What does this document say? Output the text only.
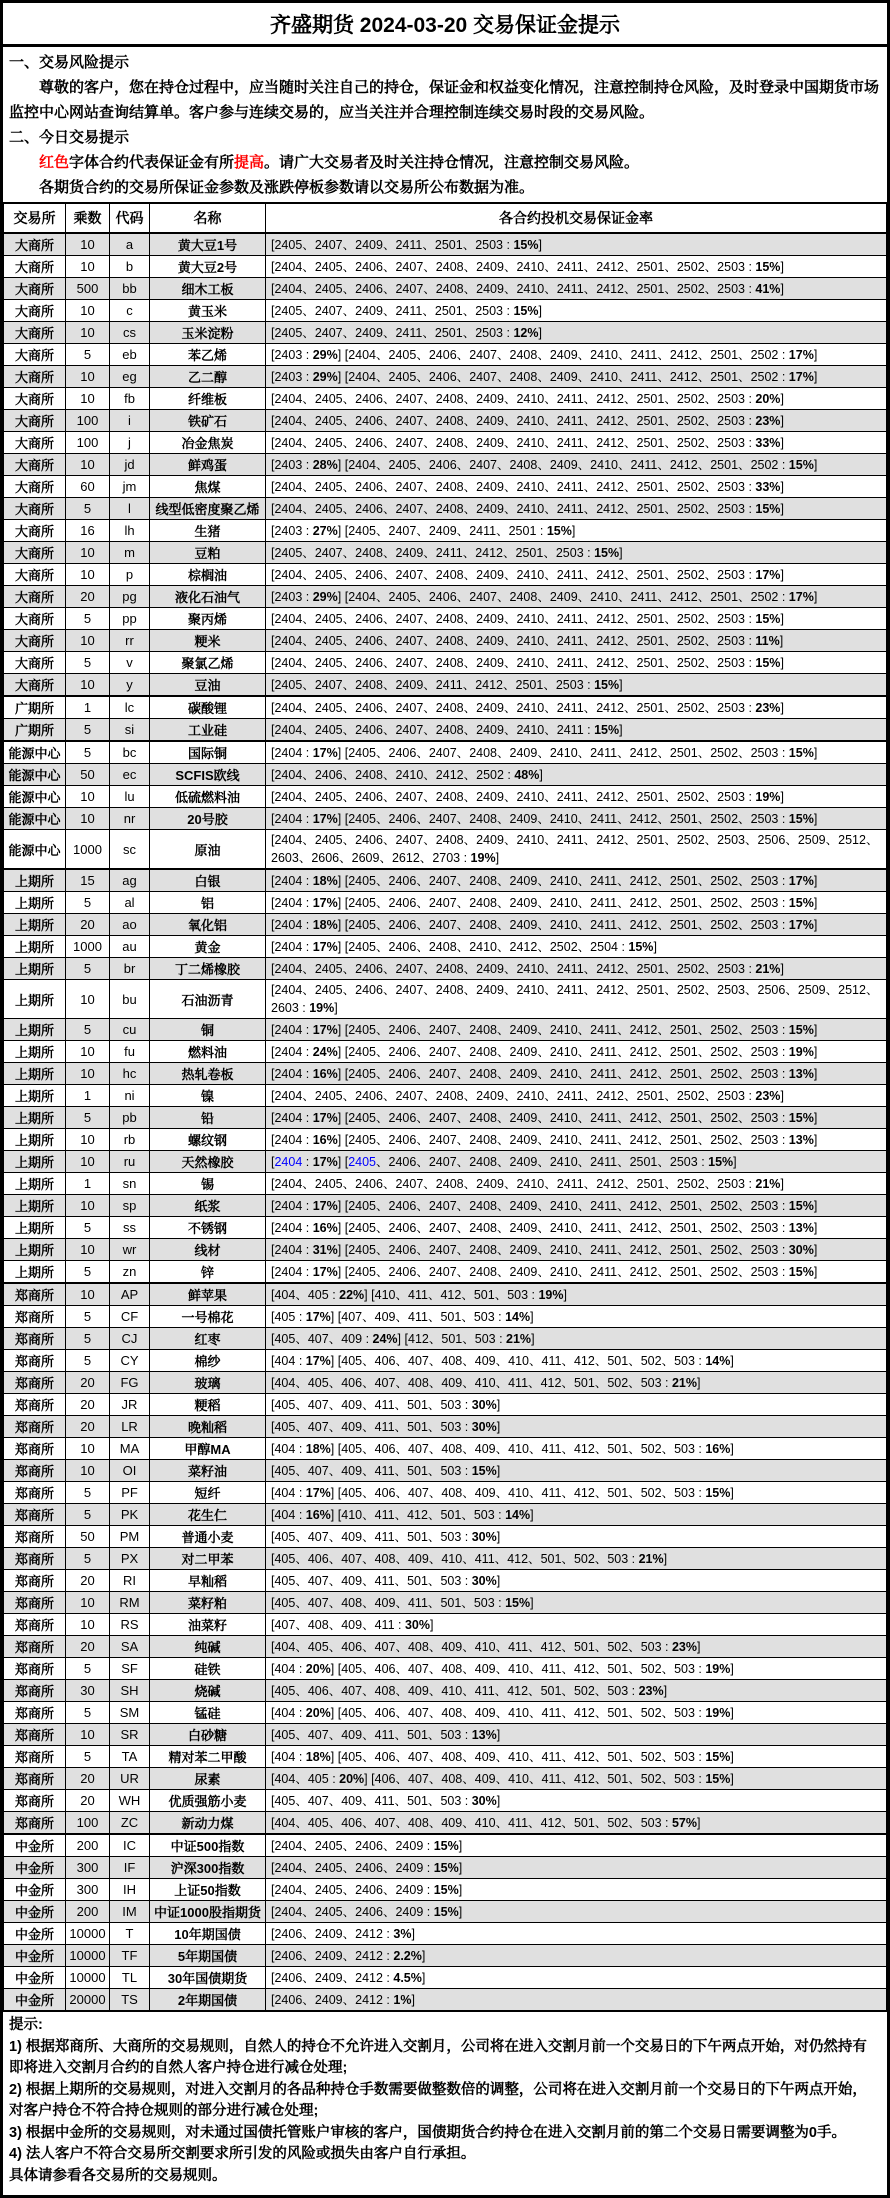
齐盛期货 2024-03-20 交易保证金提示

一、交易风险提示

尊敬的客户，您在持仓过程中，应当随时关注自己的持仓，保证金和权益变化情况，注意控制持仓风险，及时登录中国期货市场监控中心网站查询结算单。客户参与连续交易的，应当关注并合理控制连续交易时段的交易风险。

二、今日交易提示

红色字体合约代表保证金有所提高。请广大交易者及时关注持仓情况，注意控制交易风险。

各期货合约的交易所保证金参数及涨跌停板参数请以交易所公布数据为准。

交易所	乘数	代码	名称	各合约投机交易保证金率
大商所	10	a	黄大豆1号	[2405、2407、2409、2411、2501、2503 : 15%]
大商所	10	b	黄大豆2号	[2404、2405、2406、2407、2408、2409、2410、2411、2412、2501、2502、2503 : 15%]
大商所	500	bb	细木工板	[2404、2405、2406、2407、2408、2409、2410、2411、2412、2501、2502、2503 : 41%]
大商所	10	c	黄玉米	[2405、2407、2409、2411、2501、2503 : 15%]
大商所	10	cs	玉米淀粉	[2405、2407、2409、2411、2501、2503 : 12%]
大商所	5	eb	苯乙烯	[2403 : 29%] [2404、2405、2406、2407、2408、2409、2410、2411、2412、2501、2502 : 17%]
大商所	10	eg	乙二醇	[2403 : 29%] [2404、2405、2406、2407、2408、2409、2410、2411、2412、2501、2502 : 17%]
大商所	10	fb	纤维板	[2404、2405、2406、2407、2408、2409、2410、2411、2412、2501、2502、2503 : 20%]
大商所	100	i	铁矿石	[2404、2405、2406、2407、2408、2409、2410、2411、2412、2501、2502、2503 : 23%]
大商所	100	j	冶金焦炭	[2404、2405、2406、2407、2408、2409、2410、2411、2412、2501、2502、2503 : 33%]
大商所	10	jd	鲜鸡蛋	[2403 : 28%] [2404、2405、2406、2407、2408、2409、2410、2411、2412、2501、2502 : 15%]
大商所	60	jm	焦煤	[2404、2405、2406、2407、2408、2409、2410、2411、2412、2501、2502、2503 : 33%]
大商所	5	l	线型低密度聚乙烯	[2404、2405、2406、2407、2408、2409、2410、2411、2412、2501、2502、2503 : 15%]
大商所	16	lh	生猪	[2403 : 27%] [2405、2407、2409、2411、2501 : 15%]
大商所	10	m	豆粕	[2405、2407、2408、2409、2411、2412、2501、2503 : 15%]
大商所	10	p	棕榈油	[2404、2405、2406、2407、2408、2409、2410、2411、2412、2501、2502、2503 : 17%]
大商所	20	pg	液化石油气	[2403 : 29%] [2404、2405、2406、2407、2408、2409、2410、2411、2412、2501、2502 : 17%]
大商所	5	pp	聚丙烯	[2404、2405、2406、2407、2408、2409、2410、2411、2412、2501、2502、2503 : 15%]
大商所	10	rr	粳米	[2404、2405、2406、2407、2408、2409、2410、2411、2412、2501、2502、2503 : 11%]
大商所	5	v	聚氯乙烯	[2404、2405、2406、2407、2408、2409、2410、2411、2412、2501、2502、2503 : 15%]
大商所	10	y	豆油	[2405、2407、2408、2409、2411、2412、2501、2503 : 15%]
广期所	1	lc	碳酸锂	[2404、2405、2406、2407、2408、2409、2410、2411、2412、2501、2502、2503 : 23%]
广期所	5	si	工业硅	[2404、2405、2406、2407、2408、2409、2410、2411 : 15%]
能源中心	5	bc	国际铜	[2404 : 17%] [2405、2406、2407、2408、2409、2410、2411、2412、2501、2502、2503 : 15%]
能源中心	50	ec	SCFIS欧线	[2404、2406、2408、2410、2412、2502 : 48%]
能源中心	10	lu	低硫燃料油	[2404、2405、2406、2407、2408、2409、2410、2411、2412、2501、2502、2503 : 19%]
能源中心	10	nr	20号胶	[2404 : 17%] [2405、2406、2407、2408、2409、2410、2411、2412、2501、2502、2503 : 15%]
能源中心	1000	sc	原油	[2404、2405、2406、2407、2408、2409、2410、2411、2412、2501、2502、2503、2506、2509、2512、2603、2606、2609、2612、2703 : 19%]
上期所	15	ag	白银	[2404 : 18%] [2405、2406、2407、2408、2409、2410、2411、2412、2501、2502、2503 : 17%]
上期所	5	al	铝	[2404 : 17%] [2405、2406、2407、2408、2409、2410、2411、2412、2501、2502、2503 : 15%]
上期所	20	ao	氧化铝	[2404 : 18%] [2405、2406、2407、2408、2409、2410、2411、2412、2501、2502、2503 : 17%]
上期所	1000	au	黄金	[2404 : 17%] [2405、2406、2408、2410、2412、2502、2504 : 15%]
上期所	5	br	丁二烯橡胶	[2404、2405、2406、2407、2408、2409、2410、2411、2412、2501、2502、2503 : 21%]
上期所	10	bu	石油沥青	[2404、2405、2406、2407、2408、2409、2410、2411、2412、2501、2502、2503、2506、2509、2512、2603 : 19%]
上期所	5	cu	铜	[2404 : 17%] [2405、2406、2407、2408、2409、2410、2411、2412、2501、2502、2503 : 15%]
上期所	10	fu	燃料油	[2404 : 24%] [2405、2406、2407、2408、2409、2410、2411、2412、2501、2502、2503 : 19%]
上期所	10	hc	热轧卷板	[2404 : 16%] [2405、2406、2407、2408、2409、2410、2411、2412、2501、2502、2503 : 13%]
上期所	1	ni	镍	[2404、2405、2406、2407、2408、2409、2410、2411、2412、2501、2502、2503 : 23%]
上期所	5	pb	铅	[2404 : 17%] [2405、2406、2407、2408、2409、2410、2411、2412、2501、2502、2503 : 15%]
上期所	10	rb	螺纹钢	[2404 : 16%] [2405、2406、2407、2408、2409、2410、2411、2412、2501、2502、2503 : 13%]
上期所	10	ru	天然橡胶	[2404 : 17%] [2405、2406、2407、2408、2409、2410、2411、2501、2503 : 15%]
上期所	1	sn	锡	[2404、2405、2406、2407、2408、2409、2410、2411、2412、2501、2502、2503 : 21%]
上期所	10	sp	纸浆	[2404 : 17%] [2405、2406、2407、2408、2409、2410、2411、2412、2501、2502、2503 : 15%]
上期所	5	ss	不锈钢	[2404 : 16%] [2405、2406、2407、2408、2409、2410、2411、2412、2501、2502、2503 : 13%]
上期所	10	wr	线材	[2404 : 31%] [2405、2406、2407、2408、2409、2410、2411、2412、2501、2502、2503 : 30%]
上期所	5	zn	锌	[2404 : 17%] [2405、2406、2407、2408、2409、2410、2411、2412、2501、2502、2503 : 15%]
郑商所	10	AP	鲜苹果	[404、405 : 22%] [410、411、412、501、503 : 19%]
郑商所	5	CF	一号棉花	[405 : 17%] [407、409、411、501、503 : 14%]
郑商所	5	CJ	红枣	[405、407、409 : 24%] [412、501、503 : 21%]
郑商所	5	CY	棉纱	[404 : 17%] [405、406、407、408、409、410、411、412、501、502、503 : 14%]
郑商所	20	FG	玻璃	[404、405、406、407、408、409、410、411、412、501、502、503 : 21%]
郑商所	20	JR	粳稻	[405、407、409、411、501、503 : 30%]
郑商所	20	LR	晚籼稻	[405、407、409、411、501、503 : 30%]
郑商所	10	MA	甲醇MA	[404 : 18%] [405、406、407、408、409、410、411、412、501、502、503 : 16%]
郑商所	10	OI	菜籽油	[405、407、409、411、501、503 : 15%]
郑商所	5	PF	短纤	[404 : 17%] [405、406、407、408、409、410、411、412、501、502、503 : 15%]
郑商所	5	PK	花生仁	[404 : 16%] [410、411、412、501、503 : 14%]
郑商所	50	PM	普通小麦	[405、407、409、411、501、503 : 30%]
郑商所	5	PX	对二甲苯	[405、406、407、408、409、410、411、412、501、502、503 : 21%]
郑商所	20	RI	早籼稻	[405、407、409、411、501、503 : 30%]
郑商所	10	RM	菜籽粕	[405、407、408、409、411、501、503 : 15%]
郑商所	10	RS	油菜籽	[407、408、409、411 : 30%]
郑商所	20	SA	纯碱	[404、405、406、407、408、409、410、411、412、501、502、503 : 23%]
郑商所	5	SF	硅铁	[404 : 20%] [405、406、407、408、409、410、411、412、501、502、503 : 19%]
郑商所	30	SH	烧碱	[405、406、407、408、409、410、411、412、501、502、503 : 23%]
郑商所	5	SM	锰硅	[404 : 20%] [405、406、407、408、409、410、411、412、501、502、503 : 19%]
郑商所	10	SR	白砂糖	[405、407、409、411、501、503 : 13%]
郑商所	5	TA	精对苯二甲酸	[404 : 18%] [405、406、407、408、409、410、411、412、501、502、503 : 15%]
郑商所	20	UR	尿素	[404、405 : 20%] [406、407、408、409、410、411、412、501、502、503 : 15%]
郑商所	20	WH	优质强筋小麦	[405、407、409、411、501、503 : 30%]
郑商所	100	ZC	新动力煤	[404、405、406、407、408、409、410、411、412、501、502、503 : 57%]
中金所	200	IC	中证500指数	[2404、2405、2406、2409 : 15%]
中金所	300	IF	沪深300指数	[2404、2405、2406、2409 : 15%]
中金所	300	IH	上证50指数	[2404、2405、2406、2409 : 15%]
中金所	200	IM	中证1000股指期货	[2404、2405、2406、2409 : 15%]
中金所	10000	T	10年期国债	[2406、2409、2412 : 3%]
中金所	10000	TF	5年期国债	[2406、2409、2412 : 2.2%]
中金所	10000	TL	30年国债期货	[2406、2409、2412 : 4.5%]
中金所	20000	TS	2年期国债	[2406、2409、2412 : 1%]

提示:

1) 根据郑商所、大商所的交易规则，自然人的持仓不允许进入交割月，公司将在进入交割月前一个交易日的下午两点开始，对仍然持有即将进入交割月合约的自然人客户持仓进行减仓处理;

2) 根据上期所的交易规则，对进入交割月的各品种持仓手数需要做整数倍的调整，公司将在进入交割月前一个交易日的下午两点开始，对客户持仓不符合持仓规则的部分进行减仓处理;

3) 根据中金所的交易规则，对未通过国债托管账户审核的客户，国债期货合约持仓在进入交割月前的第二个交易日需要调整为0手。

4) 法人客户不符合交易所交割要求所引发的风险或损失由客户自行承担。

具体请参看各交易所的交易规则。
